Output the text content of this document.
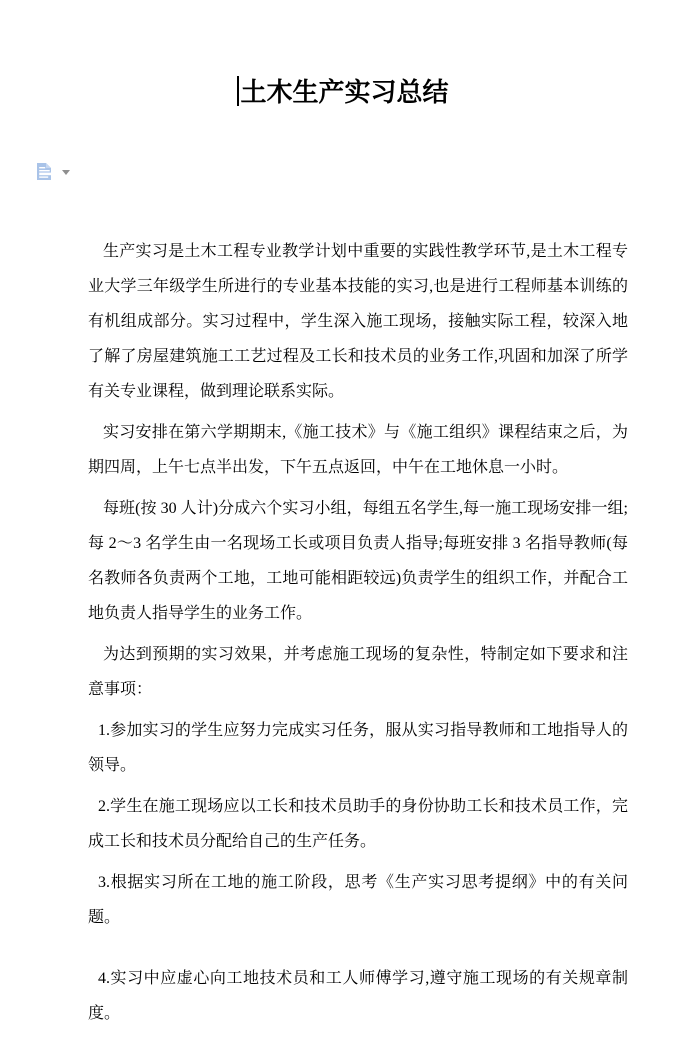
土木生产实习总结

生产实习是土木工程专业教学计划中重要的实践性教学环节,是土木工程专业大学三年级学生所进行的专业基本技能的实习,也是进行工程师基本训练的有机组成部分。实习过程中，学生深入施工现场，接触实际工程，较深入地了解了房屋建筑施工工艺过程及工长和技术员的业务工作,巩固和加深了所学有关专业课程，做到理论联系实际。

实习安排在第六学期期末,《施工技术》与《施工组织》课程结束之后，为期四周，上午七点半出发，下午五点返回，中午在工地休息一小时。

每班(按 30 人计)分成六个实习小组，每组五名学生,每一施工现场安排一组;每 2～3 名学生由一名现场工长或项目负责人指导;每班安排 3 名指导教师(每名教师各负责两个工地，工地可能相距较远)负责学生的组织工作，并配合工地负责人指导学生的业务工作。

为达到预期的实习效果，并考虑施工现场的复杂性，特制定如下要求和注意事项：

1.参加实习的学生应努力完成实习任务，服从实习指导教师和工地指导人的领导。

2.学生在施工现场应以工长和技术员助手的身份协助工长和技术员工作，完成工长和技术员分配给自己的生产任务。

3.根据实习所在工地的施工阶段，思考《生产实习思考提纲》中的有关问题。

4.实习中应虚心向工地技术员和工人师傅学习,遵守施工现场的有关规章制度。
